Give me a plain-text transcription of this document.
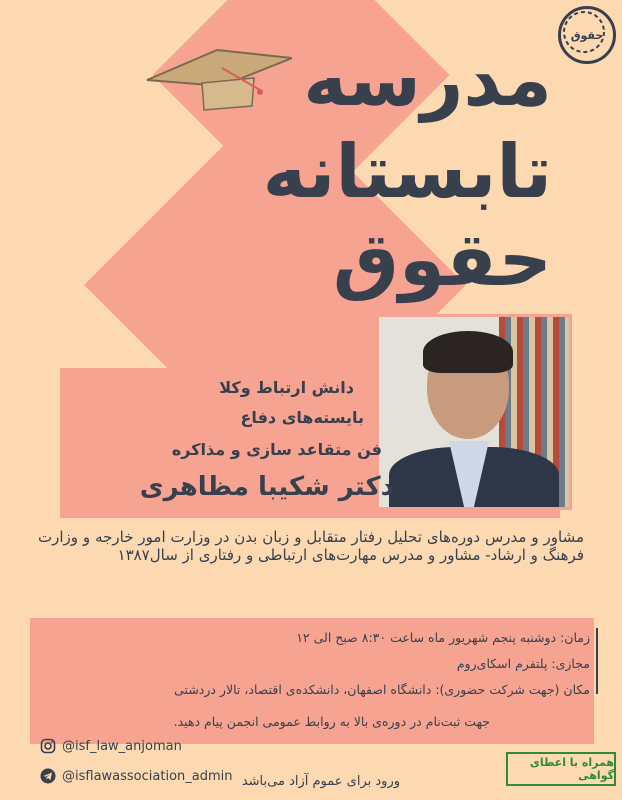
حقوق
مدرسه
تابستانه
حقوق
دانش ارتباط وکلا
بایسته‌های دفاع
فن متقاعد سازی و مذاکره
دکتر شکیبا مظاهری
مشاور و مدرس دوره‌های تحلیل رفتار متقابل و زبان بدن در وزارت امور خارجه و وزارت فرهنگ و ارشاد- مشاور و مدرس مهارت‌های ارتباطی و رفتاری از سال۱۳۸۷
زمان: دوشنبه پنجم شهریور ماه ساعت ۸:۳۰ صبح الی ۱۲
مجازی: پلتفرم اسکای‌روم
مکان (جهت شرکت حضوری): دانشگاه اصفهان، دانشکده‌ی اقتصاد، تالار دردشتی
جهت ثبت‌نام در دوره‌ی بالا به روابط عمومی انجمن پیام دهید.
@isf_law_anjoman
@isflawassociation_admin ورود برای عموم آزاد می‌باشد
همراه با اعطای گواهی
